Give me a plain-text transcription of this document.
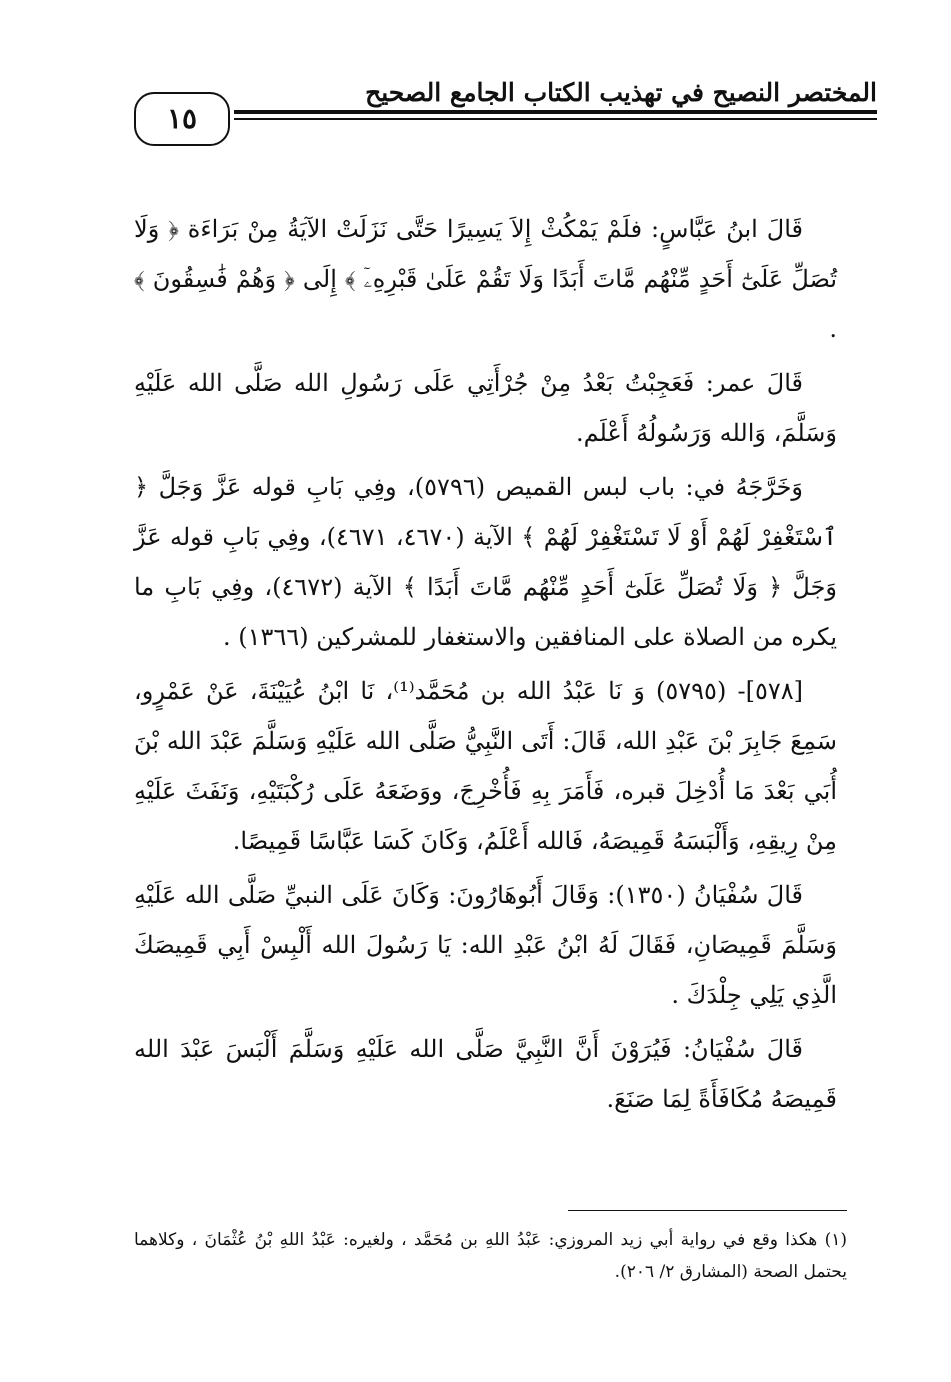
المختصر النصيح في تهذيب الكتاب الجامع الصحيح
١٥

قَالَ ابنُ عَبَّاسٍ: فلَمْ يَمْكُثْ إِلاَ يَسِيرًا حَتَّى نَزَلَتْ الآيَةُ مِنْ بَرَاءَة ﴿ وَلَا تُصَلِّ عَلَىٰٓ أَحَدٍ مِّنْهُم مَّاتَ أَبَدًا وَلَا تَقُمْ عَلَىٰ قَبْرِهِۦٓ ﴾ إِلَى ﴿ وَهُمْ فَٰسِقُونَ ﴾ .

قَالَ عمر: فَعَجِبْتُ بَعْدُ مِنْ جُرْأَتِي عَلَى رَسُولِ الله صَلَّى الله عَلَيْهِ وَسَلَّمَ، وَالله وَرَسُولُهُ أَعْلَم.

وَخَرَّجَهُ في: باب لبس القميص (٥٧٩٦)، وفِي بَابِ قوله عَزَّ وَجَلَّ ﴿ ٱسْتَغْفِرْ لَهُمْ أَوْ لَا تَسْتَغْفِرْ لَهُمْ ﴾ الآية (٤٦٧٠، ٤٦٧١)، وفِي بَابِ قوله عَزَّ وَجَلَّ ﴿ وَلَا تُصَلِّ عَلَىٰٓ أَحَدٍ مِّنْهُم مَّاتَ أَبَدًا ﴾ الآية (٤٦٧٢)، وفِي بَابِ ما يكره من الصلاة على المنافقين والاستغفار للمشركين (١٣٦٦) .

[٥٧٨]- (٥٧٩٥) وَ نَا عَبْدُ الله بن مُحَمَّد⁽¹⁾، نَا ابْنُ عُيَيْنَةَ، عَنْ عَمْرٍو، سَمِعَ جَابِرَ بْنَ عَبْدِ الله، قَالَ: أَتَى النَّبِيُّ صَلَّى الله عَلَيْهِ وَسَلَّمَ عَبْدَ الله بْنَ أُبَي بَعْدَ مَا أُدْخِلَ قبره، فَأَمَرَ بِهِ فَأُخْرِجَ، ووَضَعَهُ عَلَى رُكْبَتَيْهِ، وَنَفَثَ عَلَيْهِ مِنْ رِيقِهِ، وَأَلْبَسَهُ قَمِيصَهُ، فَالله أَعْلَمُ، وَكَانَ كَسَا عَبَّاسًا قَمِيصًا.

قَالَ سُفْيَانُ (١٣٥٠): وَقَالَ أَبُوهَارُونَ: وَكَانَ عَلَى النبيِّ صَلَّى الله عَلَيْهِ وَسَلَّمَ قَمِيصَانِ، فَقَالَ لَهُ ابْنُ عَبْدِ الله: يَا رَسُولَ الله أَلْبِسْ أَبِي قَمِيصَكَ الَّذِي يَلِي جِلْدَكَ .

قَالَ سُفْيَانُ: فَيُرَوْنَ أَنَّ النَّبِيَّ صَلَّى الله عَلَيْهِ وَسَلَّمَ أَلْبَسَ عَبْدَ الله قَمِيصَهُ مُكَافَأَةً لِمَا صَنَعَ.

(١) هكذا وقع في رواية أبي زيد المروزي: عَبْدُ اللهِ بن مُحَمَّد ، ولغيره: عَبْدُ اللهِ بْنُ عُثْمَانَ ، وكلاهما يحتمل الصحة (المشارق ٢/ ٢٠٦).
